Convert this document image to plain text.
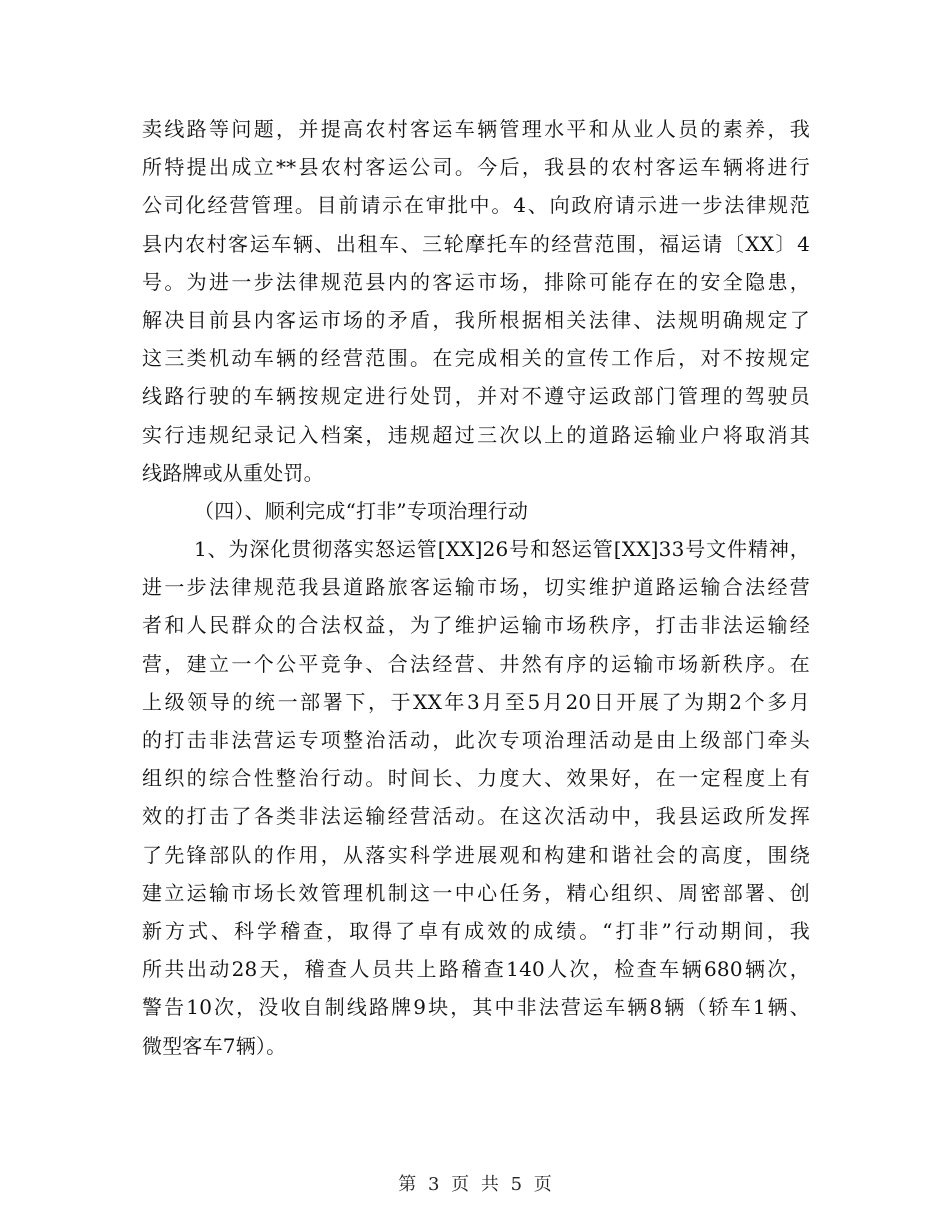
卖线路等问题，并提高农村客运车辆管理水平和从业人员的素养，我
所特提出成立**县农村客运公司。今后，我县的农村客运车辆将进行
公司化经营管理。目前请示在审批中。4、向政府请示进一步法律规范
县内农村客运车辆、出租车、三轮摩托车的经营范围，福运请〔XX〕4
号。为进一步法律规范县内的客运市场，排除可能存在的安全隐患，
解决目前县内客运市场的矛盾，我所根据相关法律、法规明确规定了
这三类机动车辆的经营范围。在完成相关的宣传工作后，对不按规定
线路行驶的车辆按规定进行处罚，并对不遵守运政部门管理的驾驶员
实行违规纪录记入档案，违规超过三次以上的道路运输业户将取消其
线路牌或从重处罚。
（四）、顺利完成“打非”专项治理行动
1、为深化贯彻落实怒运管[XX]26号和怒运管[XX]33号文件精神，
进一步法律规范我县道路旅客运输市场，切实维护道路运输合法经营
者和人民群众的合法权益，为了维护运输市场秩序，打击非法运输经
营，建立一个公平竞争、合法经营、井然有序的运输市场新秩序。在
上级领导的统一部署下，于XX年3月至5月20日开展了为期2个多月
的打击非法营运专项整治活动，此次专项治理活动是由上级部门牵头
组织的综合性整治行动。时间长、力度大、效果好，在一定程度上有
效的打击了各类非法运输经营活动。在这次活动中，我县运政所发挥
了先锋部队的作用，从落实科学进展观和构建和谐社会的高度，围绕
建立运输市场长效管理机制这一中心任务，精心组织、周密部署、创
新方式、科学稽查，取得了卓有成效的成绩。“打非”行动期间，我
所共出动28天，稽查人员共上路稽查140人次，检查车辆680辆次，
警告10次，没收自制线路牌9块，其中非法营运车辆8辆（轿车1辆、
微型客车7辆）。
第 3 页 共 5 页
